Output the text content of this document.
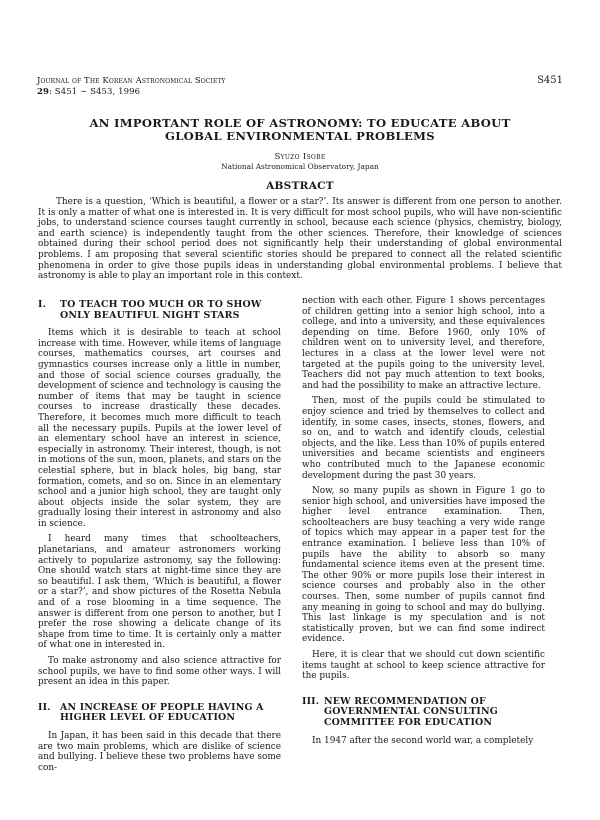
Journal of The Korean Astronomical Society
29: S451 ∼ S453, 1996
S451
AN IMPORTANT ROLE OF ASTRONOMY: TO EDUCATE ABOUT
GLOBAL ENVIRONMENTAL PROBLEMS
Syuzo Isobe
National Astronomical Observatory, Japan
ABSTRACT

There is a question, ‘Which is beautiful, a flower or a star?’. Its answer is different from one person to another. It is only a matter of what one is interested in. It is very difficult for most school pupils, who will have non-scientific jobs, to understand science courses taught currently in school, because each science (physics, chemistry, biology, and earth science) is independently taught from the other sciences. Therefore, their knowledge of sciences obtained during their school period does not significantly help their understanding of global environmental problems. I am proposing that several scientific stories should be prepared to connect all the related scientific phenomena in order to give those pupils ideas in understanding global environmental problems. I believe that astronomy is able to play an important role in this context.

I. TO TEACH TOO MUCH OR TO SHOW ONLY BEAUTIFUL NIGHT STARS

Items which it is desirable to teach at school increase with time. However, while items of language courses, mathematics courses, art courses and gymnastics courses increase only a little in number, and those of social science courses gradually, the development of science and technology is causing the number of items that may be taught in science courses to increase drastically these decades. Therefore, it becomes much more difficult to teach all the necessary pupils. Pupils at the lower level of an elementary school have an interest in science, especially in astronomy. Their interest, though, is not in motions of the sun, moon, planets, and stars on the celestial sphere, but in black holes, big bang, star formation, comets, and so on. Since in an elementary school and a junior high school, they are taught only about objects inside the solar system, they are gradually losing their interest in astronomy and also in science.

I heard many times that schoolteachers, planetarians, and amateur astronomers working actively to popularize astronomy, say the following: One should watch stars at night-time since they are so beautiful. I ask them, ‘Which is beautiful, a flower or a star?’, and show pictures of the Rosetta Nebula and of a rose blooming in a time sequence. The answer is different from one person to another, but I prefer the rose showing a delicate change of its shape from time to time. It is certainly only a matter of what one in interested in.

To make astronomy and also science attractive for school pupils, we have to find some other ways. I will present an idea in this paper.

II. AN INCREASE OF PEOPLE HAVING A HIGHER LEVEL OF EDUCATION

In Japan, it has been said in this decade that there are two main problems, which are dislike of science and bullying. I believe these two problems have some con-

nection with each other. Figure 1 shows percentages of children getting into a senior high school, into a college, and into a university, and these equivalences depending on time. Before 1960, only 10% of children went on to university level, and therefore, lectures in a class at the lower level were not targeted at the pupils going to the university level. Teachers did not pay much attention to text books, and had the possibility to make an attractive lecture.

Then, most of the pupils could be stimulated to enjoy science and tried by themselves to collect and identify, in some cases, insects, stones, flowers, and so on, and to watch and identify clouds, celestial objects, and the like. Less than 10% of pupils entered universities and became scientists and engineers who contributed much to the Japanese economic development during the past 30 years.

Now, so many pupils as shown in Figure 1 go to senior high school, and universities have imposed the higher level entrance examination. Then, schoolteachers are busy teaching a very wide range of topics which may appear in a paper test for the entrance examination. I believe less than 10% of pupils have the ability to absorb so many fundamental science items even at the present time. The other 90% or more pupils lose their interest in science courses and probably also in the other courses. Then, some number of pupils cannot find any meaning in going to school and may do bullying. This last linkage is my speculation and is not statistically proven, but we can find some indirect evidence.

Here, it is clear that we should cut down scientific items taught at school to keep science attractive for the pupils.

III. NEW RECOMMENDATION OF GOVERNMENTAL CONSULTING COMMITTEE FOR EDUCATION

In 1947 after the second world war, a completely
